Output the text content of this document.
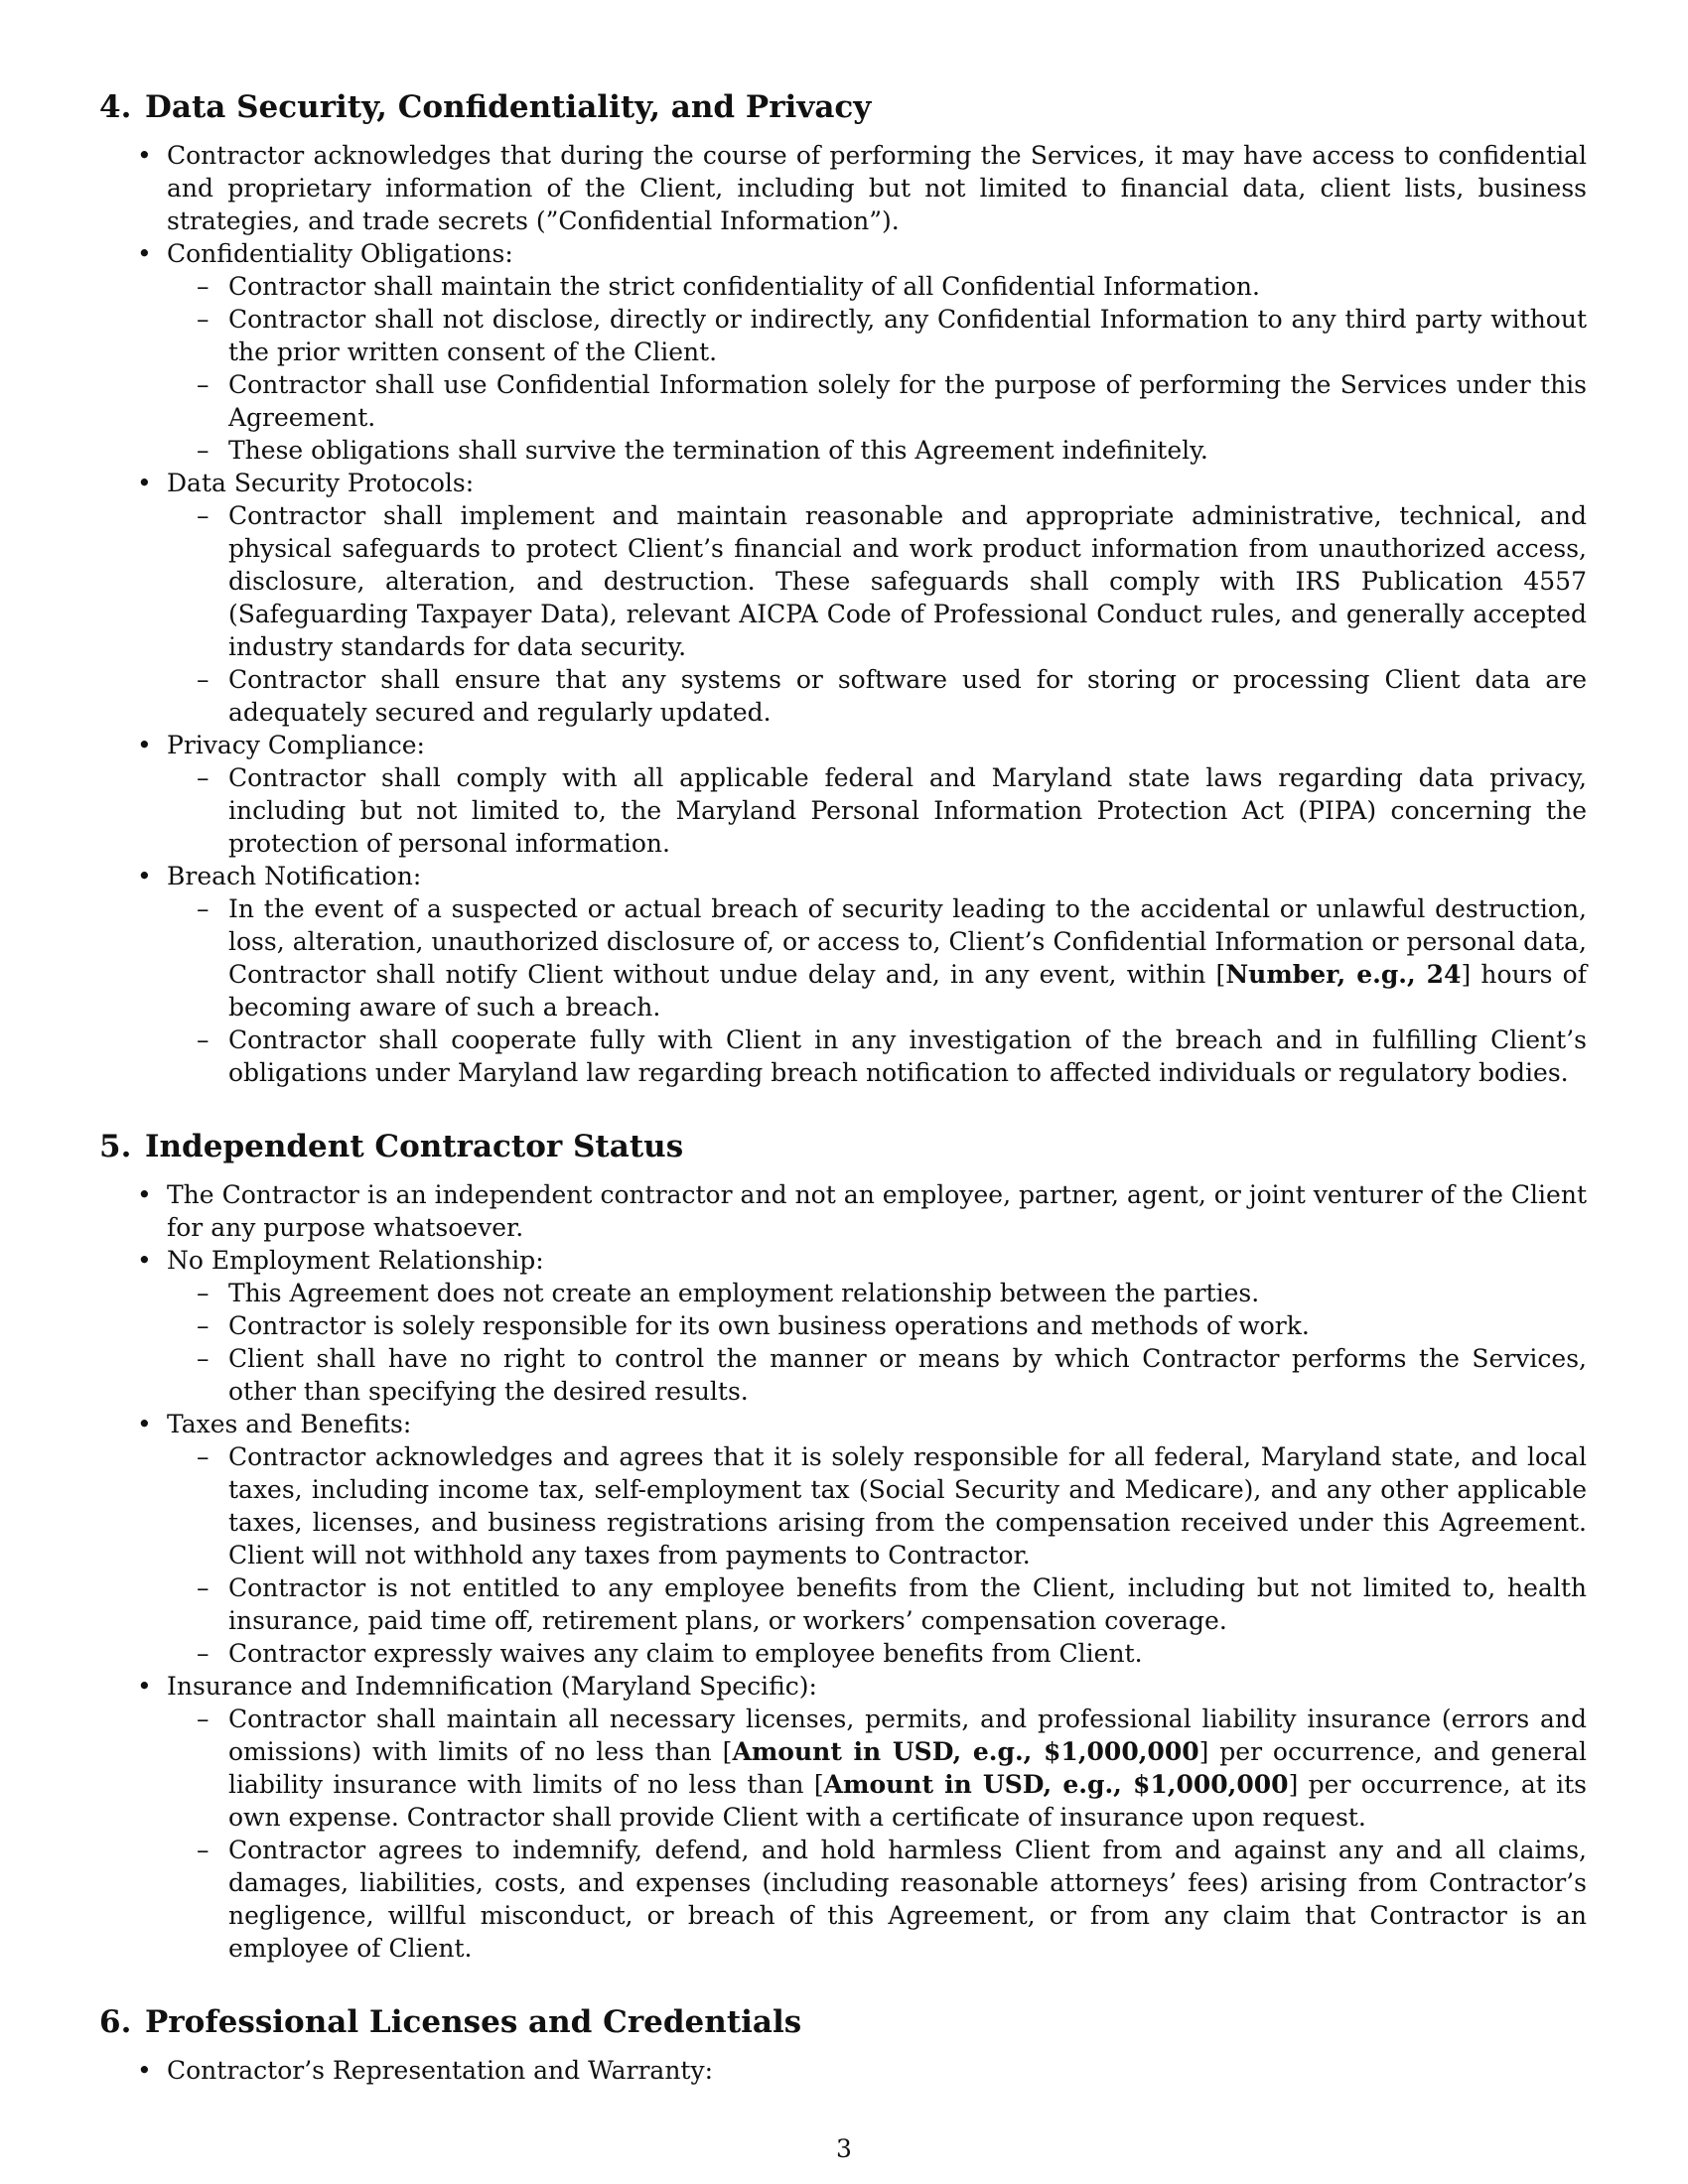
4. Data Security, Confidentiality, and Privacy
• Contractor acknowledges that during the course of performing the Services, it may have access to confidential and proprietary information of the Client, including but not limited to financial data, client lists, business strategies, and trade secrets (”Confidential Information”).
• Confidentiality Obligations:
– Contractor shall maintain the strict confidentiality of all Confidential Information.
– Contractor shall not disclose, directly or indirectly, any Confidential Information to any third party without the prior written consent of the Client.
– Contractor shall use Confidential Information solely for the purpose of performing the Services under this Agreement.
– These obligations shall survive the termination of this Agreement indefinitely.
• Data Security Protocols:
– Contractor shall implement and maintain reasonable and appropriate administrative, technical, and physical safeguards to protect Client’s financial and work product information from unauthorized access, disclosure, alteration, and destruction. These safeguards shall comply with IRS Publication 4557 (Safeguarding Taxpayer Data), relevant AICPA Code of Professional Conduct rules, and generally accepted industry standards for data security.
– Contractor shall ensure that any systems or software used for storing or processing Client data are adequately secured and regularly updated.
• Privacy Compliance:
– Contractor shall comply with all applicable federal and Maryland state laws regarding data privacy, including but not limited to, the Maryland Personal Information Protection Act (PIPA) concerning the protection of personal information.
• Breach Notification:
– In the event of a suspected or actual breach of security leading to the accidental or unlawful destruction, loss, alteration, unauthorized disclosure of, or access to, Client’s Confidential Information or personal data, Contractor shall notify Client without undue delay and, in any event, within [Number, e.g., 24] hours of becoming aware of such a breach.
– Contractor shall cooperate fully with Client in any investigation of the breach and in fulfilling Client’s obligations under Maryland law regarding breach notification to affected individuals or regulatory bodies.
5. Independent Contractor Status
• The Contractor is an independent contractor and not an employee, partner, agent, or joint venturer of the Client for any purpose whatsoever.
• No Employment Relationship:
– This Agreement does not create an employment relationship between the parties.
– Contractor is solely responsible for its own business operations and methods of work.
– Client shall have no right to control the manner or means by which Contractor performs the Services, other than specifying the desired results.
• Taxes and Benefits:
– Contractor acknowledges and agrees that it is solely responsible for all federal, Maryland state, and local taxes, including income tax, self-employment tax (Social Security and Medicare), and any other applicable taxes, licenses, and business registrations arising from the compensation received under this Agreement. Client will not withhold any taxes from payments to Contractor.
– Contractor is not entitled to any employee benefits from the Client, including but not limited to, health insurance, paid time off, retirement plans, or workers’ compensation coverage.
– Contractor expressly waives any claim to employee benefits from Client.
• Insurance and Indemnification (Maryland Specific):
– Contractor shall maintain all necessary licenses, permits, and professional liability insurance (errors and omissions) with limits of no less than [Amount in USD, e.g., $1,000,000] per occurrence, and general liability insurance with limits of no less than [Amount in USD, e.g., $1,000,000] per occurrence, at its own expense. Contractor shall provide Client with a certificate of insurance upon request.
– Contractor agrees to indemnify, defend, and hold harmless Client from and against any and all claims, damages, liabilities, costs, and expenses (including reasonable attorneys’ fees) arising from Contractor’s negligence, willful misconduct, or breach of this Agreement, or from any claim that Contractor is an employee of Client.
6. Professional Licenses and Credentials
• Contractor’s Representation and Warranty:
3
